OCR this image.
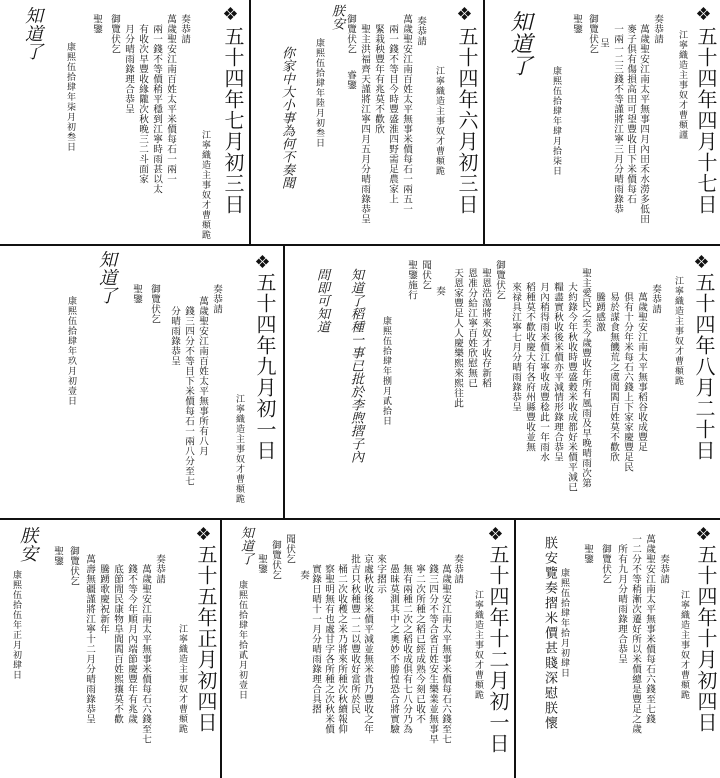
❖
五十四年四月十七日
江寧織造主事奴才曹頫謹
奏恭請
萬歲聖安江南太平無事四月內田禾水澇多低田
麥子俱有傷損高田可望豐收目下米價每石
一兩一二三錢不等謹將江寧三月分晴雨錄恭
呈
御覽伏乞
聖鑒
康熙伍拾肆年肆月拾柒日
知道了
❖
五十四年六月初三日
江寧織造主事奴才曹頫跪
奏恭請
萬歲聖安江南百姓太平無事米價每石一兩五一
兩一錢不等目今時豐盛淮四野需足農家上
緊栽秧豐年有兆莫不歡欣
聖主洪福齊天謹將江寧四月五月分晴雨錄恭呈
御覽伏乞
睿鑒
朕安
康熙伍拾肆年陸月初叁日
你家中大小事為何不奏聞
❖
五十四年七月初三日
江寧織造主事奴才曹頫跪
奏恭請
萬歲聖安江南百姓太平米價每石一兩一
兩一錢不等價稍平穩到江寧時雨甚以太
有收次早豐收緣隴次秋晚三二斗面家
月分晴雨錄理合恭呈
御覽伏乞
聖鑒
康熙伍拾肆年柒月初叁日
知道了
❖
五十四年九月初一日
江寧織造主事奴才曹頫跪
奏恭請
萬歲聖安江南百姓太平無事所有八月
錢三四分不等目下米價每石一兩八分至七
分晴雨錄恭呈
御覽伏乞
聖鑒
康熙伍拾肆年玖月初壹日
知道了	❖
五十四年八月二十日
江寧織造主事奴才曹頫跪
奏恭請
萬歲聖安江南太平無事稻谷收成豐足
俱有十分年米每石六錢上下家家慶豐足民
易於謀食無饑荒之虞閭閻百姓莫不歡欣
騰踴感激
聖主愛民之至今歲豐收年所有風雨及早晚晴雨次第
大約錄今年秋收時豐盛穀米收成都好米價平減已
糧盡實秋收後米價亦平減情形錄理合恭呈
月內稍得雨米價江寧收成豐稔此一年雨水
稻種莫不歡收慶大有各府州縣豐收並無
來禄具江寧七月分晴雨錄恭呈
御覽伏乞
聖恩浩蕩將來奴才收存新稻
恩准分給江寧百姓欣慰無已
天恩家豐足人人慶樂熙來熙往此
奏
聞伏乞
聖鑒施行
康熙伍拾肆年捌月貳拾日
知道了稻種一事已批於李煦摺子內
問即可知道
❖
五十五年正月初四日
江寧織造主事奴才曹頫跪
奏恭請
萬歲聖安江南太平無事米價每石六錢至七
錢不等今年順月內端節慶豐年有兆歲
底節閒民康物阜閭閻百姓熙攘莫不歡
騰踴歌慶祝新年
萬壽無疆謹將江寧十二月分晴雨錄恭呈
御覽伏乞
聖鑒
康熙伍拾伍年正月初肆日
朕安	❖
五十四年十二月初一日
江寧織造主事奴才曹頫跪
奏恭請
萬歲聖安江南太平無事米價每石六錢至七
錢三四分不等合省百姓安生樂業並無事早
寧二次所種之稻已經成熟今刻已收不
無有兩種二次之稻收成俱有七八分乃為
愚昧莫測其中之奧妙不勝惶恐合將實驗
來字摺示
京處秋收後米價平減並無米貴乃豐收之年
批吉只秋種豐一二以豐收好當所於民
桶二次收穫之米乃將來所種次秋續報仰
察聖明無有也處甘字各所種之次秋米價
實錄日晴十一月分晴雨錄理合具摺
奏
聞伏乞
御覽伏乞
聖鑒
康熙伍拾肆年拾貳月初壹日
知道了	❖
五十四年十月初四日
江寧織造主事奴才曹頫跪
奏恭請
萬歲聖安江南太平無事米價每石六錢至七錢
一二分不等稍漸次遷好所以米價總是豐足之歲
所有九月分晴雨錄理合恭呈
御覽伏乞
聖鑒
康熙伍拾肆年拾月初肆日
朕安覽奏摺米價甚賤深慰朕懷
